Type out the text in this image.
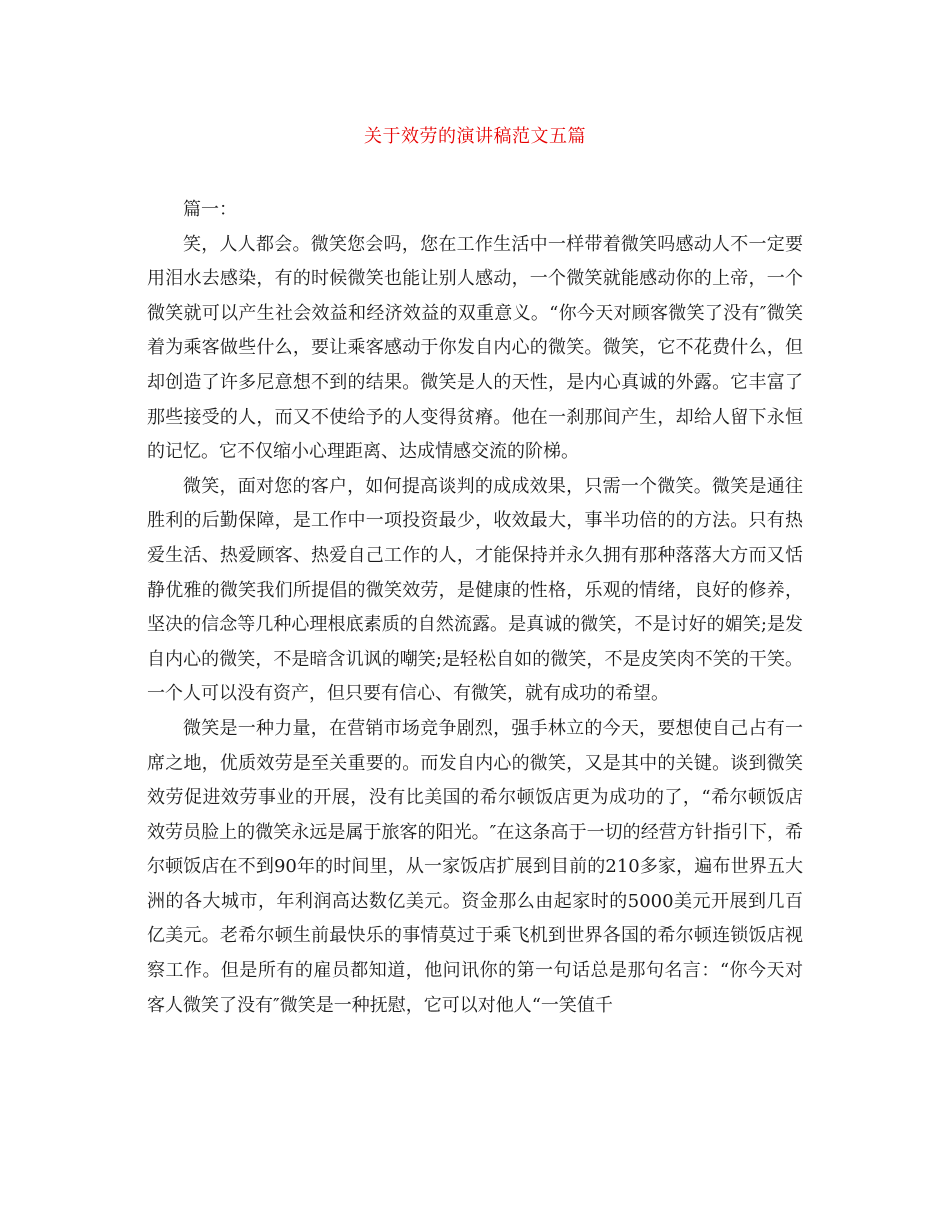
关于效劳的演讲稿范文五篇

篇一：

笑，人人都会。微笑您会吗，您在工作生活中一样带着微笑吗感动人不一定要用泪水去感染，有的时候微笑也能让别人感动，一个微笑就能感动你的上帝，一个微笑就可以产生社会效益和经济效益的双重意义。“你今天对顾客微笑了没有″微笑着为乘客做些什么，要让乘客感动于你发自内心的微笑。微笑，它不花费什么，但却创造了许多尼意想不到的结果。微笑是人的天性，是内心真诚的外露。它丰富了那些接受的人，而又不使给予的人变得贫瘠。他在一刹那间产生，却给人留下永恒的记忆。它不仅缩小心理距离、达成情感交流的阶梯。

微笑，面对您的客户，如何提高谈判的成成效果，只需一个微笑。微笑是通往胜利的后勤保障，是工作中一项投资最少，收效最大，事半功倍的的方法。只有热爱生活、热爱顾客、热爱自己工作的人，才能保持并永久拥有那种落落大方而又恬静优雅的微笑我们所提倡的微笑效劳，是健康的性格，乐观的情绪，良好的修养，坚决的信念等几种心理根底素质的自然流露。是真诚的微笑，不是讨好的媚笑;是发自内心的微笑，不是暗含讥讽的嘲笑;是轻松自如的微笑，不是皮笑肉不笑的干笑。一个人可以没有资产，但只要有信心、有微笑，就有成功的希望。

微笑是一种力量，在营销市场竞争剧烈，强手林立的今天，要想使自己占有一席之地，优质效劳是至关重要的。而发自内心的微笑，又是其中的关键。谈到微笑效劳促进效劳事业的开展，没有比美国的希尔顿饭店更为成功的了，“希尔顿饭店效劳员脸上的微笑永远是属于旅客的阳光。″在这条高于一切的经营方针指引下，希尔顿饭店在不到90年的时间里，从一家饭店扩展到目前的210多家，遍布世界五大洲的各大城市，年利润高达数亿美元。资金那么由起家时的5000美元开展到几百亿美元。老希尔顿生前最快乐的事情莫过于乘飞机到世界各国的希尔顿连锁饭店视察工作。但是所有的雇员都知道，他问讯你的第一句话总是那句名言：“你今天对客人微笑了没有″微笑是一种抚慰，它可以对他人“一笑值千
